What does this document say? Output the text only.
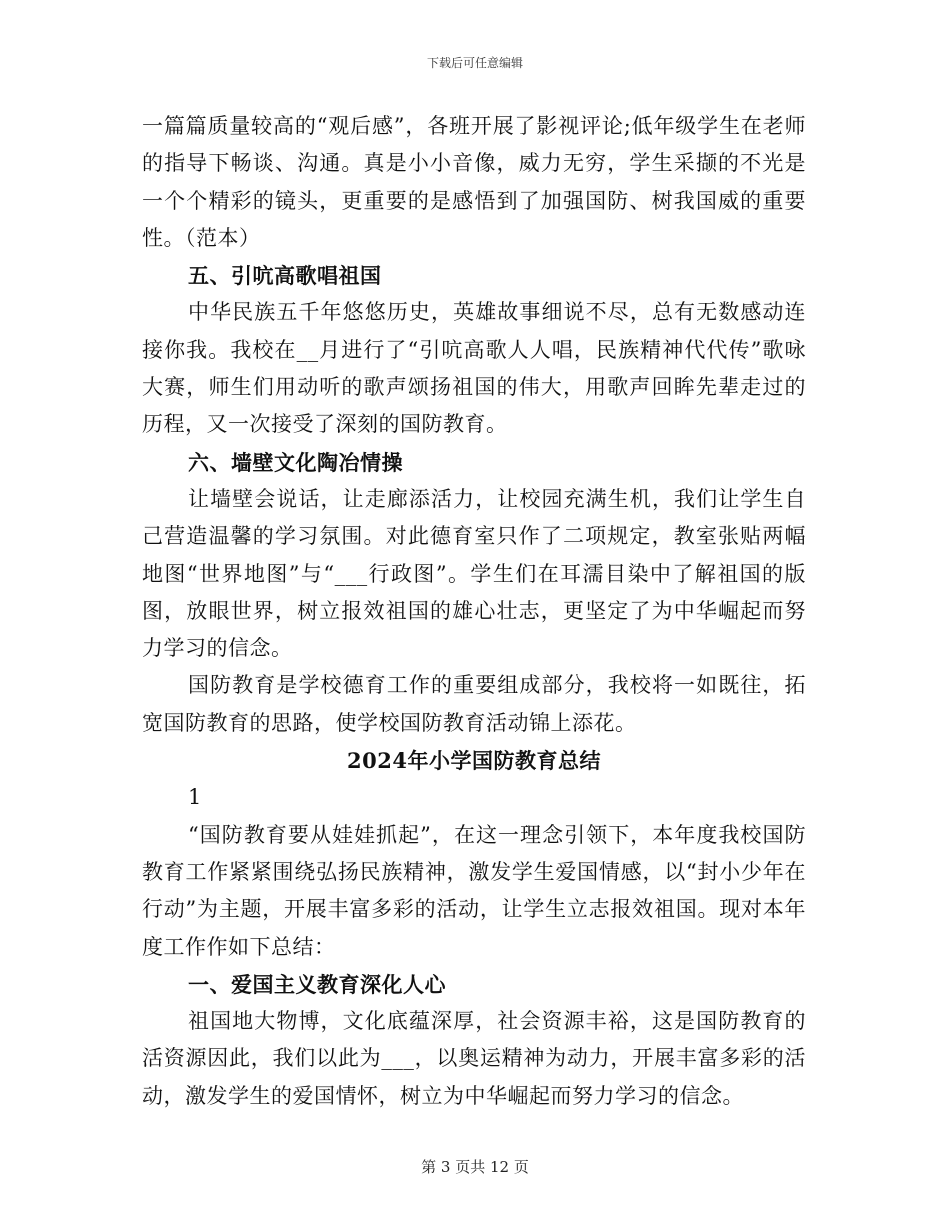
下载后可任意编辑

一篇篇质量较高的“观后感”，各班开展了影视评论;低年级学生在老师的指导下畅谈、沟通。真是小小音像，威力无穷，学生采撷的不光是一个个精彩的镜头，更重要的是感悟到了加强国防、树我国威的重要性。（范本）

五、引吭高歌唱祖国

中华民族五千年悠悠历史，英雄故事细说不尽，总有无数感动连接你我。我校在__月进行了“引吭高歌人人唱，民族精神代代传”歌咏大赛，师生们用动听的歌声颂扬祖国的伟大，用歌声回眸先辈走过的历程，又一次接受了深刻的国防教育。

六、墙壁文化陶冶情操

让墙壁会说话，让走廊添活力，让校园充满生机，我们让学生自己营造温馨的学习氛围。对此德育室只作了二项规定，教室张贴两幅地图“世界地图”与“___行政图”。学生们在耳濡目染中了解祖国的版图，放眼世界，树立报效祖国的雄心壮志，更坚定了为中华崛起而努力学习的信念。

国防教育是学校德育工作的重要组成部分，我校将一如既往，拓宽国防教育的思路，使学校国防教育活动锦上添花。

2024年小学国防教育总结

1

“国防教育要从娃娃抓起”，在这一理念引领下，本年度我校国防教育工作紧紧围绕弘扬民族精神，激发学生爱国情感，以“封小少年在行动”为主题，开展丰富多彩的活动，让学生立志报效祖国。现对本年度工作作如下总结：

一、爱国主义教育深化人心

祖国地大物博，文化底蕴深厚，社会资源丰裕，这是国防教育的活资源因此，我们以此为___，以奥运精神为动力，开展丰富多彩的活动，激发学生的爱国情怀，树立为中华崛起而努力学习的信念。

第 3 页共 12 页
